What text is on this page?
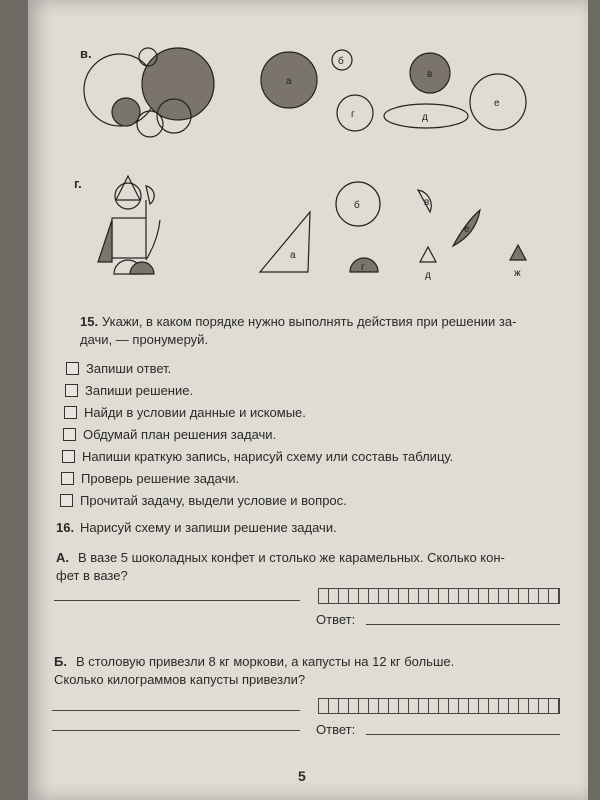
в.
а
б
в
г	д
е
г.
а
б	в
г
д
е
ж
15. Укажи, в каком порядке нужно выполнять действия при решении за-
дачи, — пронумеруй.
Запиши ответ.
Запиши решение.
Найди в условии данные и искомые.
Обдумай план решения задачи.
Напиши краткую запись, нарисуй схему или составь таблицу.
Проверь решение задачи.
Прочитай задачу, выдели условие и вопрос.
16. Нарисуй схему и запиши решение задачи.
А. В вазе 5 шоколадных конфет и столько же карамельных. Сколько кон-
фет в вазе?
Ответ:
Б. В столовую привезли 8 кг моркови, а капусты на 12 кг больше.
Сколько килограммов капусты привезли?
Ответ:
5
